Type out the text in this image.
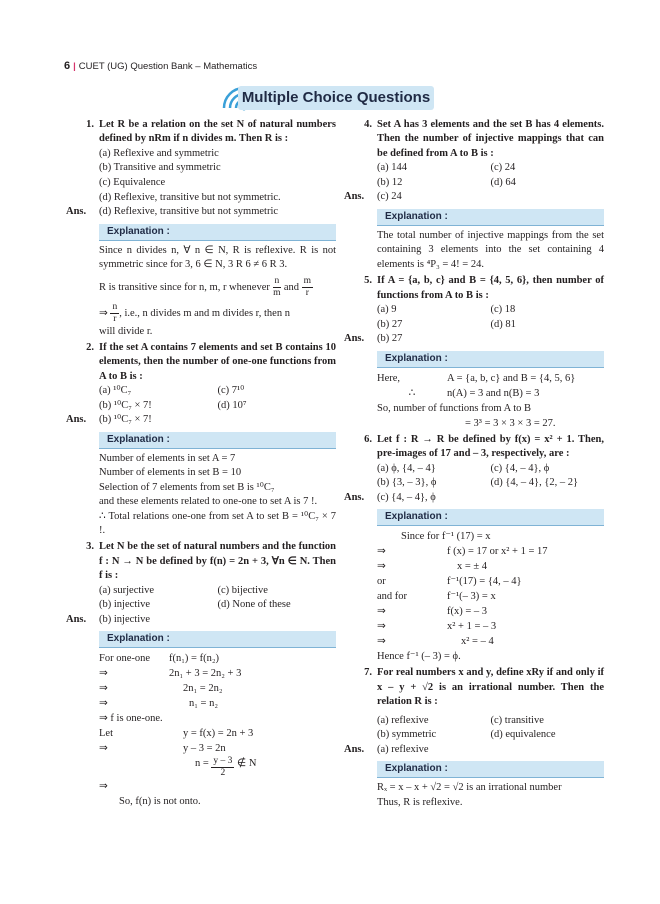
6 | CUET (UG) Question Bank – Mathematics
Multiple Choice Questions
1. Let R be a relation on the set N of natural numbers defined by nRm if n divides m. Then R is :
(a) Reflexive and symmetric
(b) Transitive and symmetric
(c) Equivalence
(d) Reflexive, transitive but not symmetric.
Ans.	(d) Reflexive, transitive but not symmetric
Explanation :
Since n divides n, ∀ n ∈ N, R is reflexive. R is not symmetric since for 3, 6 ∈ N, 3 R 6 ≠ 6 R 3.
R is transitive since for n, m, r whenever $\frac{n}{m}$ and $\frac{m}{r}$
⇒ $\frac{n}{r}$ , i.e., n divides m and m divides r, then n
will divide r.
2. If the set A contains 7 elements and set B contains 10 elements, then the number of one-one functions from A to B is :
(a) ¹⁰C₇	(c) 7¹⁰
(b) ¹⁰C₇ × 7!	(d) 10⁷
Ans.	(b) ¹⁰C₇ × 7!
Explanation :
Number of elements in set A = 7
Number of elements in set B = 10
Selection of 7 elements from set B is ¹⁰C₇
and these elements related to one-one to set A is 7 !.
∴ Total relations one-one from set A to set B = ¹⁰C₇ × 7 !.
3. Let N be the set of natural numbers and the function f : N → N be defined by f(n) = 2n + 3, ∀n ∈ N. Then f is :
(a) surjective	(c) bijective
(b) injective	(d) None of these
Ans.	(b) injective
Explanation :
For one-one	f(n₁) = f(n₂)
⇒	2n₁ + 3 = 2n₂ + 3
⇒	2n₁ = 2n₂
⇒	n₁ = n₂
⇒ f is one-one.
Let	y = f(x) = 2n + 3
⇒	y – 3 = 2n
n =
$\frac{y - 3}{2}$
∉ N
⇒
So, f(n) is not onto.
4. Set A has 3 elements and the set B has 4 elements. Then the number of injective mappings that can be defined from A to B is :
(a) 144	(c) 24
(b) 12	(d) 64
Ans.	(c) 24
Explanation :
The total number of injective mappings from the set containing 3 elements into the set containing 4 elements is ⁴P₃ = 4! = 24.
5. If A = {a, b, c} and B = {4, 5, 6}, then number of functions from A to B is :
(a) 9	(c) 18
(b) 27	(d) 81
Ans.	(b) 27
Explanation :
Here,	A = {a, b, c} and B = {4, 5, 6}
∴	n(A) = 3 and n(B) = 3
So, number of functions from A to B
= 3³ = 3 × 3 × 3 = 27.
6. Let f : R → R be defined by f(x) = x² + 1. Then, pre-images of 17 and – 3, respectively, are :
(a) ϕ, {4, – 4}	(c) {4, – 4}, ϕ
(b) {3, – 3}, ϕ	(d) {4, – 4}, {2, – 2}
Ans.	(c) {4, – 4}, ϕ
Explanation :
Since for f⁻¹ (17) = x
⇒	f (x) = 17 or x² + 1 = 17
⇒	x = ± 4
or	f⁻¹(17) = {4, – 4}
and for	f⁻¹(– 3) = x
⇒	f(x) = – 3
⇒	x² + 1 = – 3
⇒	x² = – 4
Hence f⁻¹ (– 3) = ϕ.
7. For real numbers x and y, define xRy if and only if x – y + √2 is an irrational number. Then the relation R is :
(a) reflexive	(c) transitive
(b) symmetric	(d) equivalence
Ans.	(a) reflexive
Explanation :
Rₓ = x – x + √2 = √2 is an irrational number
Thus, R is reflexive.
